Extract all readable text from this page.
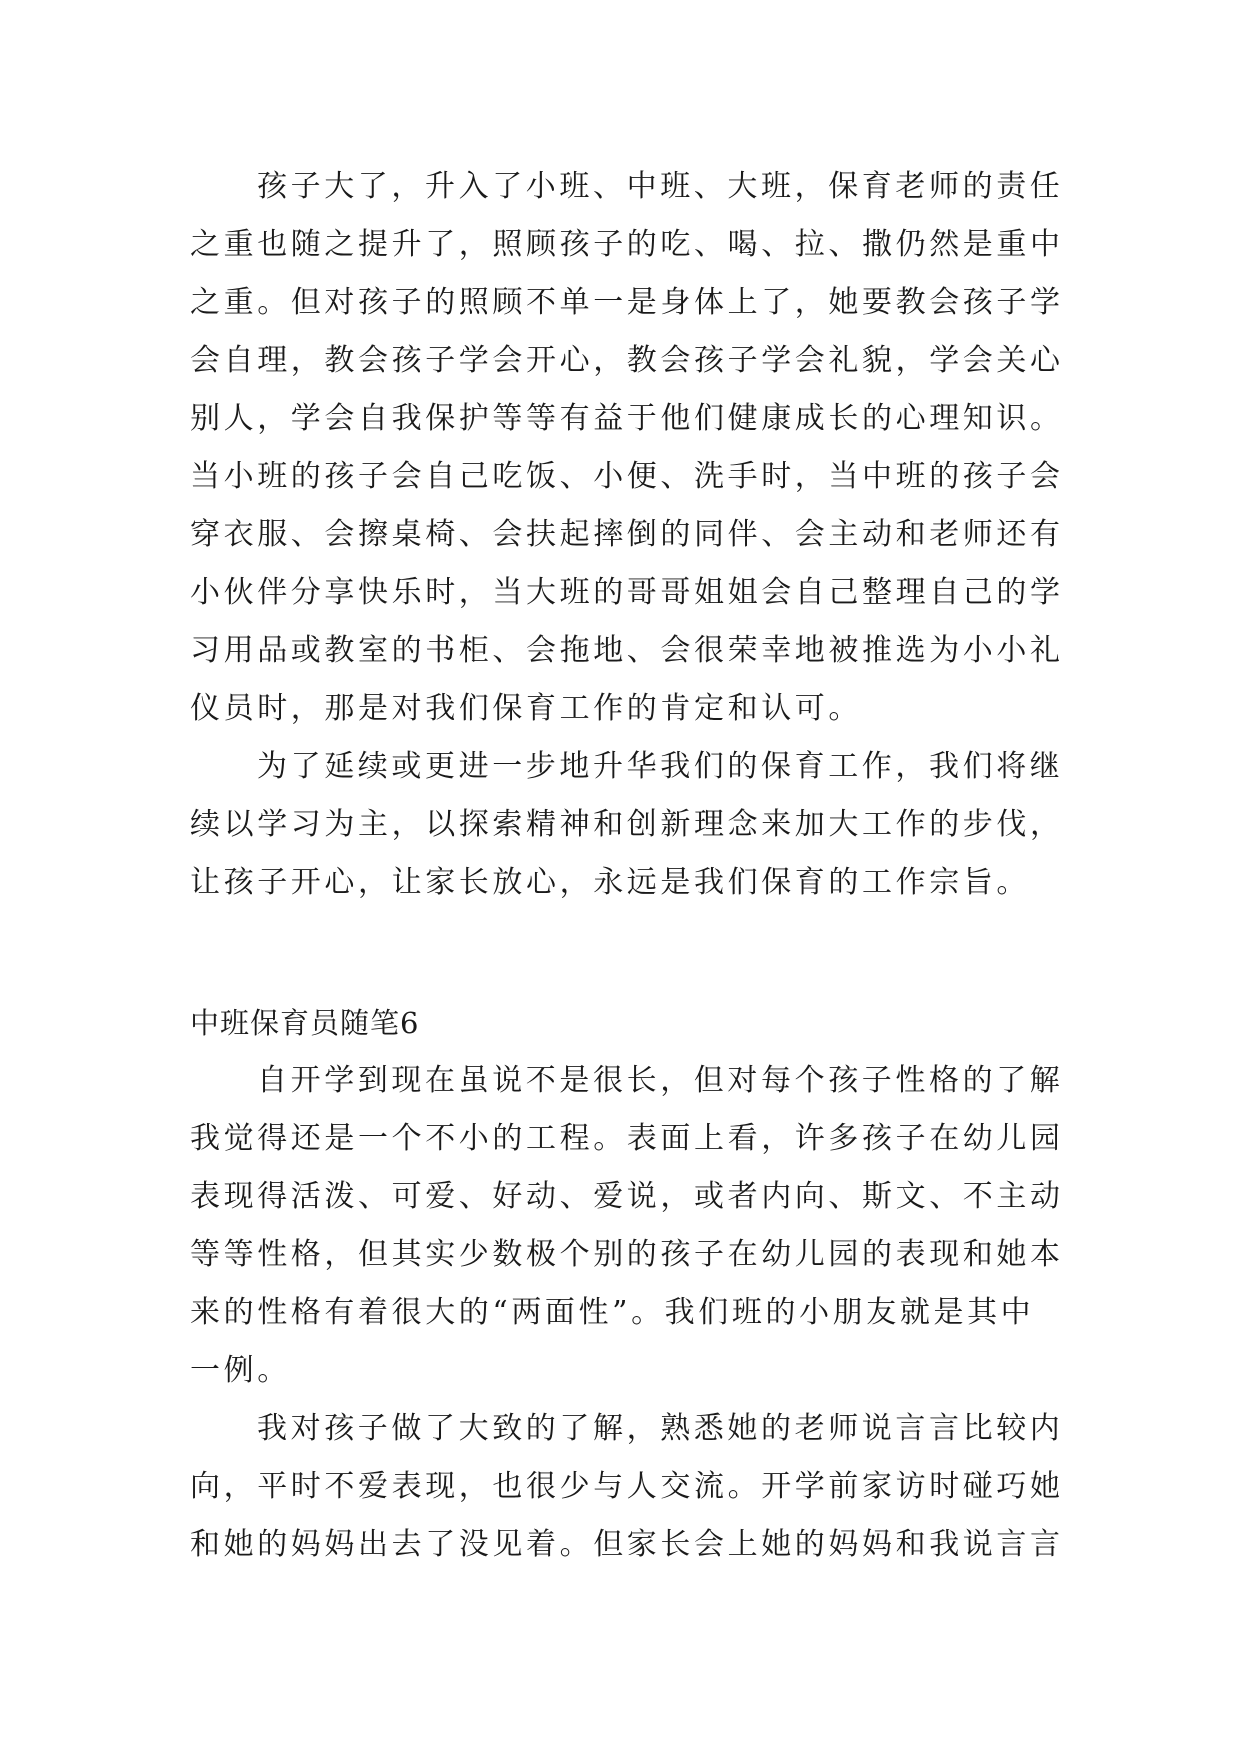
孩子大了，升入了小班、中班、大班，保育老师的责任
之重也随之提升了，照顾孩子的吃、喝、拉、撒仍然是重中
之重。但对孩子的照顾不单一是身体上了，她要教会孩子学
会自理，教会孩子学会开心，教会孩子学会礼貌，学会关心
别人，学会自我保护等等有益于他们健康成长的心理知识。
当小班的孩子会自己吃饭、小便、洗手时，当中班的孩子会
穿衣服、会擦桌椅、会扶起摔倒的同伴、会主动和老师还有
小伙伴分享快乐时，当大班的哥哥姐姐会自己整理自己的学
习用品或教室的书柜、会拖地、会很荣幸地被推选为小小礼
仪员时，那是对我们保育工作的肯定和认可。
为了延续或更进一步地升华我们的保育工作，我们将继
续以学习为主，以探索精神和创新理念来加大工作的步伐，
让孩子开心，让家长放心，永远是我们保育的工作宗旨。
中班保育员随笔6
自开学到现在虽说不是很长，但对每个孩子性格的了解
我觉得还是一个不小的工程。表面上看，许多孩子在幼儿园
表现得活泼、可爱、好动、爱说，或者内向、斯文、不主动
等等性格，但其实少数极个别的孩子在幼儿园的表现和她本
来的性格有着很大的“两面性”。我们班的小朋友就是其中
一例。
我对孩子做了大致的了解，熟悉她的老师说言言比较内
向，平时不爱表现，也很少与人交流。开学前家访时碰巧她
和她的妈妈出去了没见着。但家长会上她的妈妈和我说言言
